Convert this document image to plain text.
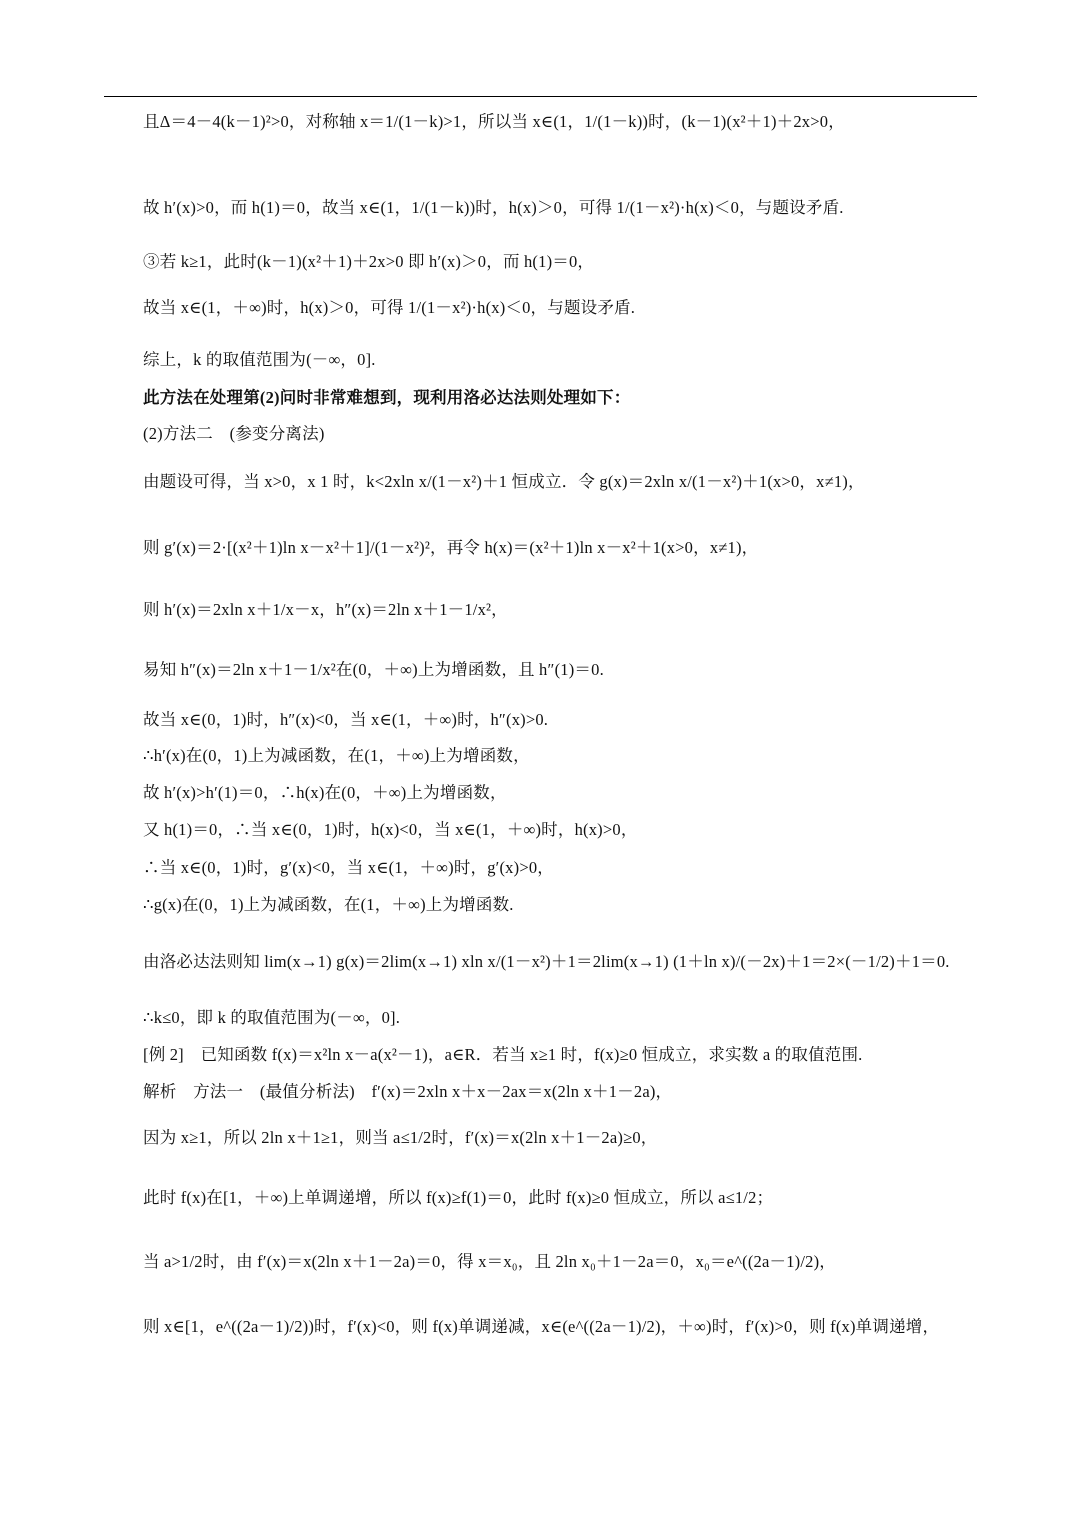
且Δ＝4－4(k－1)²>0，对称轴 x＝1/(1－k)>1，所以当 x∈(1，1/(1－k))时，(k－1)(x²＋1)＋2x>0，
故 h′(x)>0，而 h(1)＝0，故当 x∈(1，1/(1－k))时，h(x)＞0，可得 1/(1－x²)·h(x)＜0，与题设矛盾.
③若 k≥1，此时(k－1)(x²＋1)＋2x>0 即 h′(x)＞0，而 h(1)＝0，
故当 x∈(1，＋∞)时，h(x)＞0，可得 1/(1－x²)·h(x)＜0，与题设矛盾.
综上，k 的取值范围为(－∞，0].
此方法在处理第(2)问时非常难想到，现利用洛必达法则处理如下：
(2)方法二　(参变分离法)
由题设可得，当 x>0，x 1 时，k<2xln x/(1－x²)＋1 恒成立．令 g(x)＝2xln x/(1－x²)＋1(x>0，x≠1)，
则 g′(x)＝2·[(x²＋1)ln x－x²＋1]/(1－x²)²，再令 h(x)＝(x²＋1)ln x－x²＋1(x>0，x≠1)，
则 h′(x)＝2xln x＋1/x－x，h″(x)＝2ln x＋1－1/x²，
易知 h″(x)＝2ln x＋1－1/x²在(0，＋∞)上为增函数，且 h″(1)＝0.
故当 x∈(0，1)时，h″(x)<0，当 x∈(1，＋∞)时，h″(x)>0.
∴h′(x)在(0，1)上为减函数，在(1，＋∞)上为增函数，
故 h′(x)>h′(1)＝0，∴h(x)在(0，＋∞)上为增函数，
又 h(1)＝0，∴当 x∈(0，1)时，h(x)<0，当 x∈(1，＋∞)时，h(x)>0，
∴当 x∈(0，1)时，g′(x)<0，当 x∈(1，＋∞)时，g′(x)>0，
∴g(x)在(0，1)上为减函数，在(1，＋∞)上为增函数.
由洛必达法则知 lim(x→1) g(x)＝2lim(x→1) xln x/(1－x²)＋1＝2lim(x→1) (1＋ln x)/(－2x)＋1＝2×(－1/2)＋1＝0.
∴k≤0，即 k 的取值范围为(－∞，0].
[例 2]　已知函数 f(x)＝x²ln x－a(x²－1)，a∈R．若当 x≥1 时，f(x)≥0 恒成立，求实数 a 的取值范围.
解析　方法一　(最值分析法)　f′(x)＝2xln x＋x－2ax＝x(2ln x＋1－2a)，
因为 x≥1，所以 2ln x＋1≥1，则当 a≤1/2时，f′(x)＝x(2ln x＋1－2a)≥0，
此时 f(x)在[1，＋∞)上单调递增，所以 f(x)≥f(1)＝0，此时 f(x)≥0 恒成立，所以 a≤1/2；
当 a>1/2时，由 f′(x)＝x(2ln x＋1－2a)＝0，得 x＝x₀，且 2ln x₀＋1－2a＝0，x₀＝e^((2a－1)/2)，
则 x∈[1，e^((2a－1)/2))时，f′(x)<0，则 f(x)单调递减，x∈(e^((2a－1)/2)，＋∞)时，f′(x)>0，则 f(x)单调递增，
